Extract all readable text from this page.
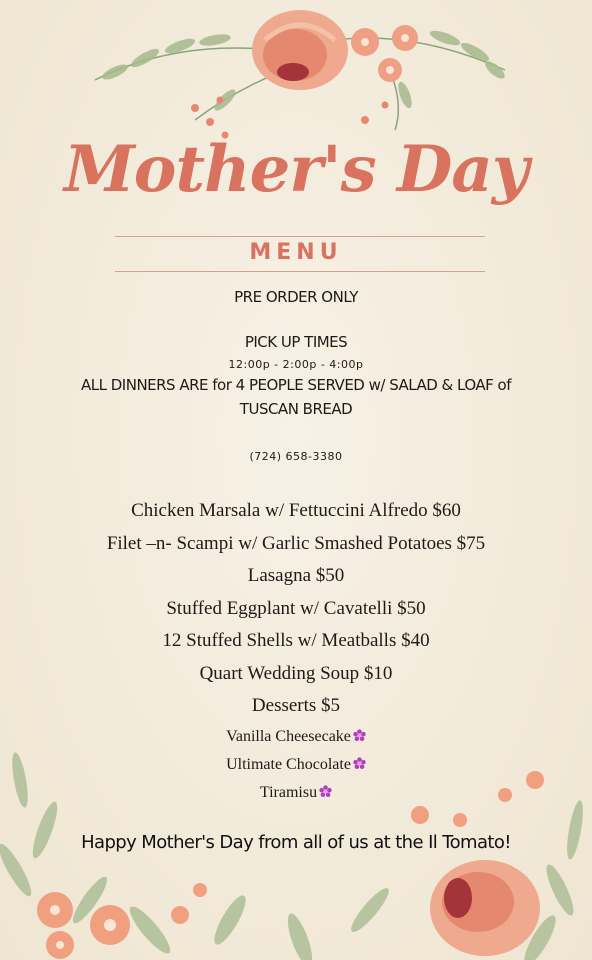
Mother's Day
MENU
PRE ORDER ONLY
PICK UP TIMES
12:00p - 2:00p - 4:00p
ALL DINNERS ARE for 4 PEOPLE SERVED w/ SALAD & LOAF of
TUSCAN BREAD
(724) 658-3380
Chicken Marsala w/ Fettuccini Alfredo $60
Filet –n- Scampi w/ Garlic Smashed Potatoes $75
Lasagna $50
Stuffed Eggplant w/ Cavatelli $50
12 Stuffed Shells w/ Meatballs $40
Quart Wedding Soup $10
Desserts $5
Vanilla Cheesecake
Ultimate Chocolate
Tiramisu
Happy Mother's Day from all of us at the Il Tomato!
